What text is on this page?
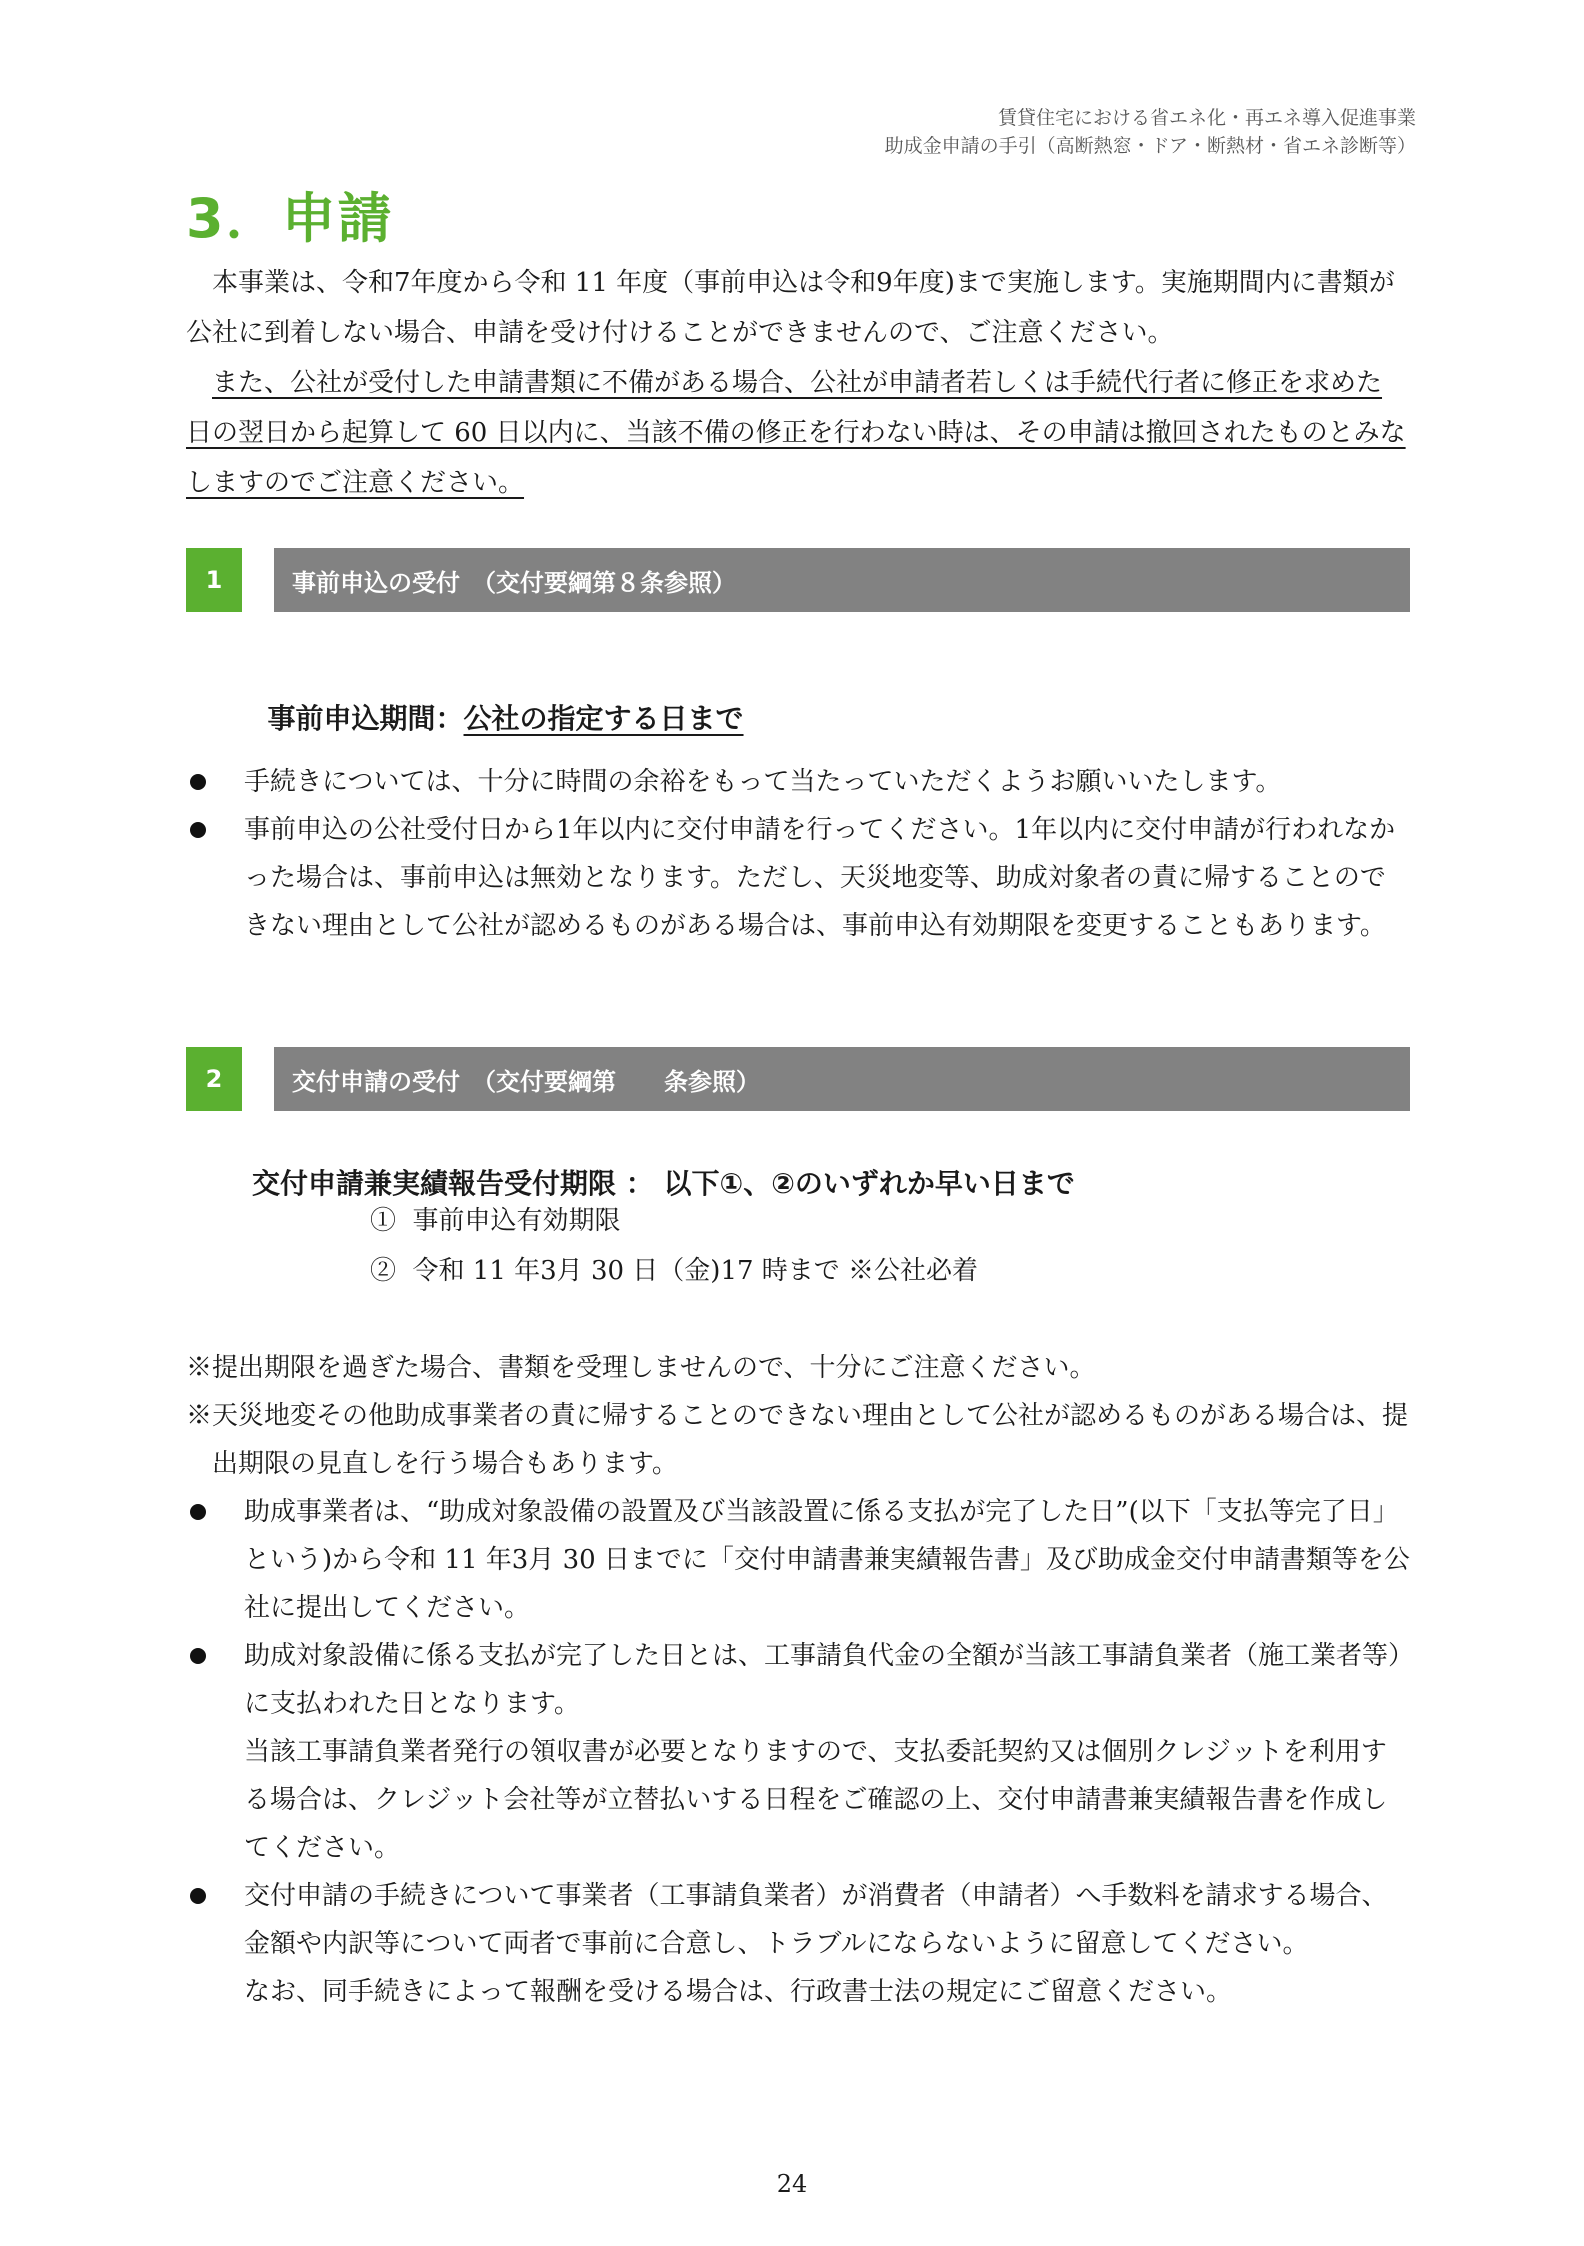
賃貸住宅における省エネ化・再エネ導入促進事業
助成金申請の手引（高断熱窓・ドア・断熱材・省エネ診断等）
3．申請

本事業は、令和7年度から令和 11 年度（事前申込は令和9年度)まで実施します。実施期間内に書類が公社に到着しない場合、申請を受け付けることができませんので、ご注意ください。

また、公社が受付した申請書類に不備がある場合、公社が申請者若しくは手続代行者に修正を求めた日の翌日から起算して 60 日以内に、当該不備の修正を行わない時は、その申請は撤回されたものとみなしますのでご注意ください。

1	事前申込の受付　（交付要綱第８条参照）

事前申込期間：公社の指定する日まで

手続きについては、十分に時間の余裕をもって当たっていただくようお願いいたします。
事前申込の公社受付日から1年以内に交付申請を行ってください。1年以内に交付申請が行われなかった場合は、事前申込は無効となります。ただし、天災地変等、助成対象者の責に帰することのできない理由として公社が認めるものがある場合は、事前申込有効期限を変更することもあります。
2	交付申請の受付　（交付要綱第　　条参照）
交付申請兼実績報告受付期限 ： 以下①、②のいずれか早い日まで
①  事前申込有効期限
②  令和 11 年3月 30 日（金)17 時まで ※公社必着

※提出期限を過ぎた場合、書類を受理しませんので、十分にご注意ください。

※天災地変その他助成事業者の責に帰することのできない理由として公社が認めるものがある場合は、提出期限の見直しを行う場合もあります。

助成事業者は、“助成対象設備の設置及び当該設置に係る支払が完了した日”(以下「支払等完了日」という)から令和 11 年3月 30 日までに「交付申請書兼実績報告書」及び助成金交付申請書類等を公社に提出してください。

助成対象設備に係る支払が完了した日とは、工事請負代金の全額が当該工事請負業者（施工業者等）に支払われた日となります。

当該工事請負業者発行の領収書が必要となりますので、支払委託契約又は個別クレジットを利用する場合は、クレジット会社等が立替払いする日程をご確認の上、交付申請書兼実績報告書を作成してください。

交付申請の手続きについて事業者（工事請負業者）が消費者（申請者）へ手数料を請求する場合、金額や内訳等について両者で事前に合意し、トラブルにならないように留意してください。

なお、同手続きによって報酬を受ける場合は、行政書士法の規定にご留意ください。

24
